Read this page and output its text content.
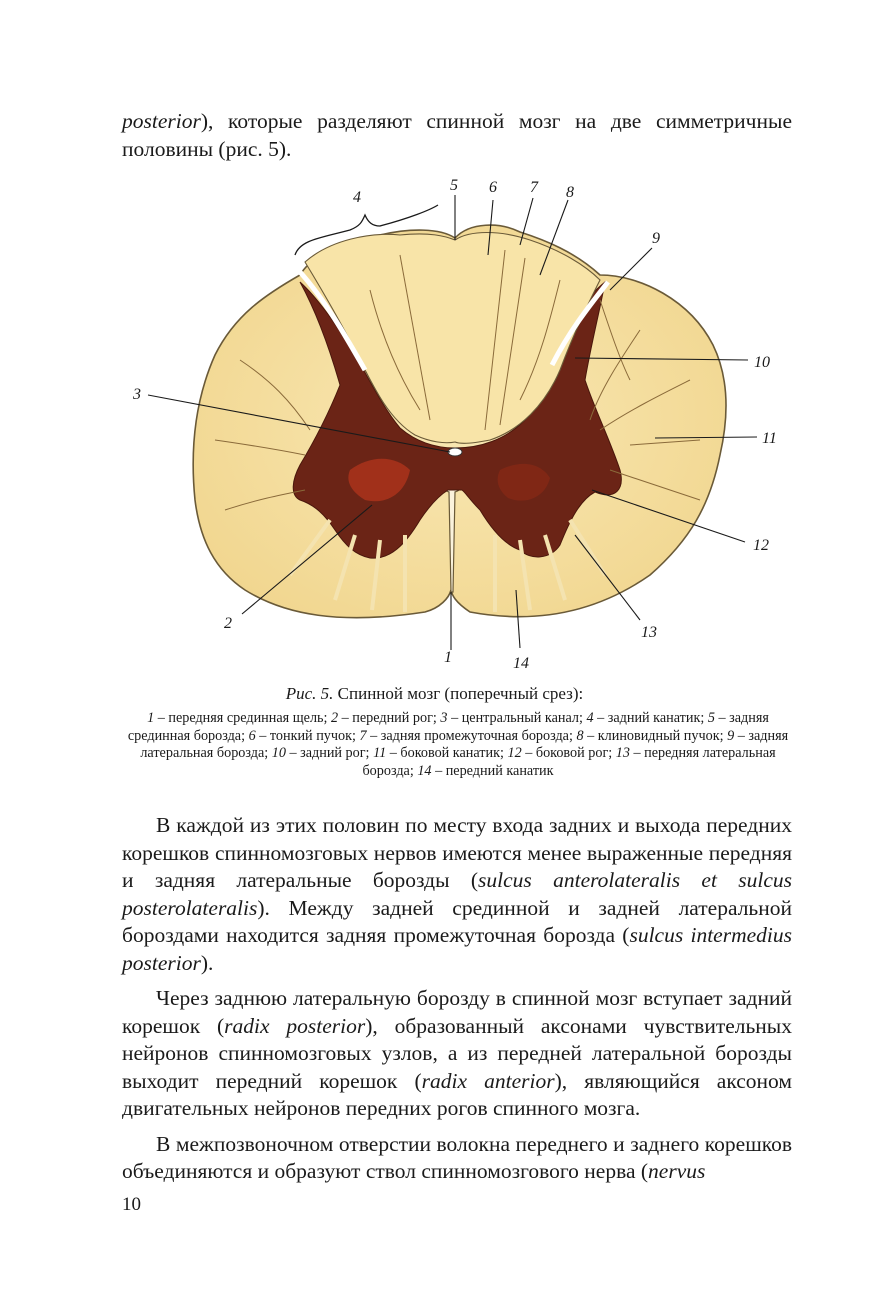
posterior), которые разделяют спинной мозг на две симметричные половины (рис. 5).

1
2
3
4
5 6 7 8
9
10
11
12
13
14
Рис. 5. Спинной мозг (поперечный срез):
1 – передняя срединная щель; 2 – передний рог; 3 – центральный канал; 4 – задний канатик; 5 – задняя срединная борозда; 6 – тонкий пучок; 7 – задняя промежуточная борозда; 8 – клиновидный пучок; 9 – задняя латеральная борозда; 10 – задний рог; 11 – боковой канатик; 12 – боковой рог; 13 – передняя латеральная борозда; 14 – передний канатик

В каждой из этих половин по месту входа задних и выхода передних корешков спинномозговых нервов имеются менее выраженные передняя и задняя латеральные борозды (sulcus anterolateralis et sulcus posterolateralis). Между задней срединной и задней латеральной бороздами находится задняя промежуточная борозда (sulcus intermedius posterior).

Через заднюю латеральную борозду в спинной мозг вступает задний корешок (radix posterior), образованный аксонами чувствительных нейронов спинномозговых узлов, а из передней латеральной борозды выходит передний корешок (radix anterior), являющийся аксоном двигательных нейронов передних рогов спинного мозга.

В межпозвоночном отверстии волокна переднего и заднего корешков объединяются и образуют ствол спинномозгового нерва (nervus

10
